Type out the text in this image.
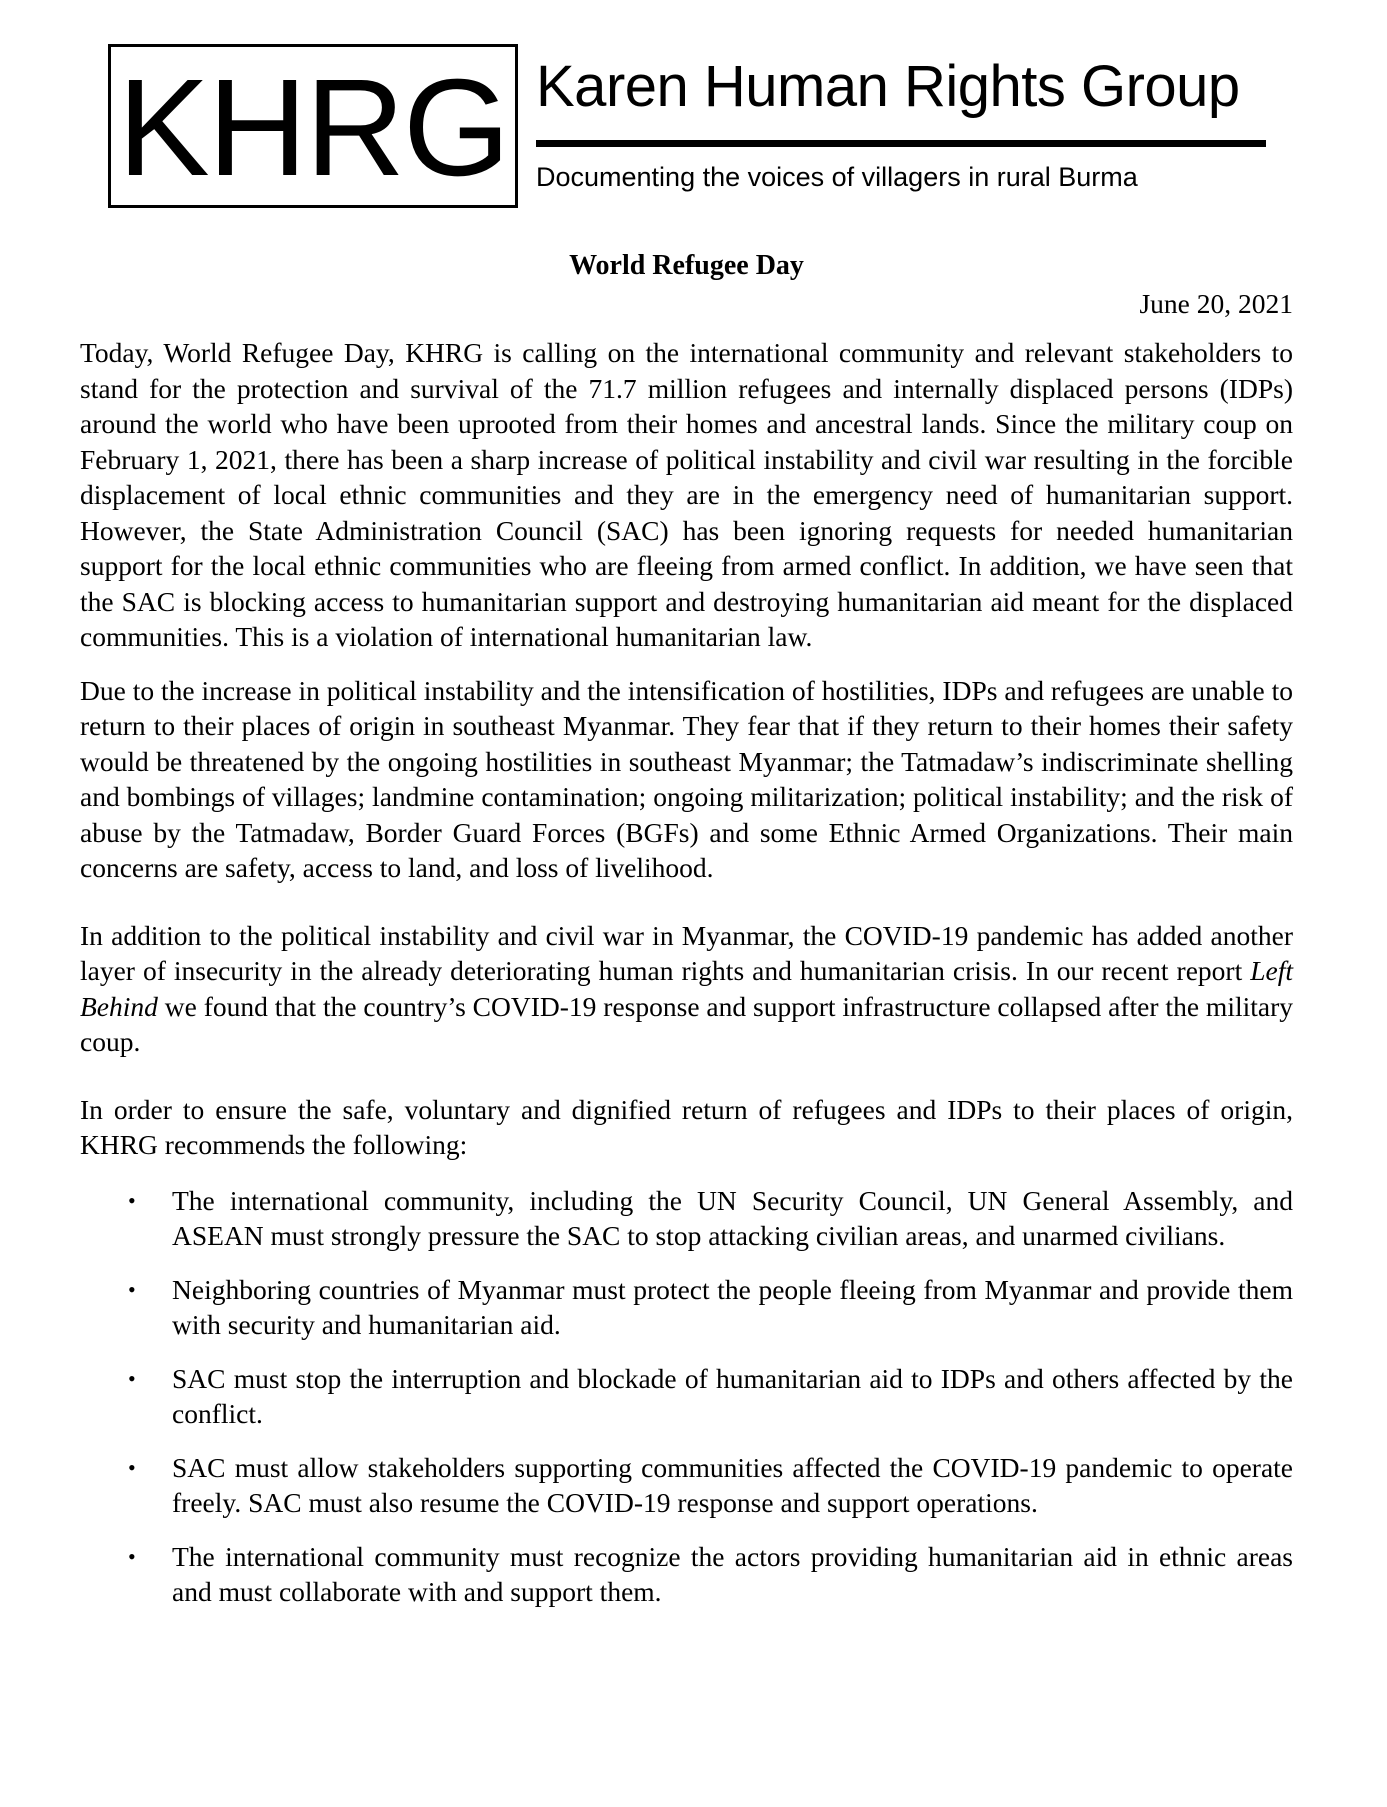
KHRG Karen Human Rights Group
Documenting the voices of villagers in rural Burma
World Refugee Day
June 20, 2021

Today, World Refugee Day, KHRG is calling on the international community and relevant stakeholders to stand for the protection and survival of the 71.7 million refugees and internally displaced persons (IDPs) around the world who have been uprooted from their homes and ancestral lands. Since the military coup on February 1, 2021, there has been a sharp increase of political instability and civil war resulting in the forcible displacement of local ethnic communities and they are in the emergency need of humanitarian support. However, the State Administration Council (SAC) has been ignoring requests for needed humanitarian support for the local ethnic communities who are fleeing from armed conflict. In addition, we have seen that the SAC is blocking access to humanitarian support and destroying humanitarian aid meant for the displaced communities. This is a violation of international humanitarian law.

Due to the increase in political instability and the intensification of hostilities, IDPs and refugees are unable to return to their places of origin in southeast Myanmar. They fear that if they return to their homes their safety would be threatened by the ongoing hostilities in southeast Myanmar; the Tatmadaw’s indiscriminate shelling and bombings of villages; landmine contamination; ongoing militarization; political instability; and the risk of abuse by the Tatmadaw, Border Guard Forces (BGFs) and some Ethnic Armed Organizations. Their main concerns are safety, access to land, and loss of livelihood.

In addition to the political instability and civil war in Myanmar, the COVID-19 pandemic has added another layer of insecurity in the already deteriorating human rights and humanitarian crisis. In our recent report Left Behind we found that the country’s COVID-19 response and support infrastructure collapsed after the military coup.

In order to ensure the safe, voluntary and dignified return of refugees and IDPs to their places of origin, KHRG recommends the following:

• The international community, including the UN Security Council, UN General Assembly, and ASEAN must strongly pressure the SAC to stop attacking civilian areas, and unarmed civilians.
• Neighboring countries of Myanmar must protect the people fleeing from Myanmar and provide them with security and humanitarian aid.
• SAC must stop the interruption and blockade of humanitarian aid to IDPs and others affected by the conflict.
• SAC must allow stakeholders supporting communities affected the COVID-19 pandemic to operate freely. SAC must also resume the COVID-19 response and support operations.
• The international community must recognize the actors providing humanitarian aid in ethnic areas and must collaborate with and support them.
